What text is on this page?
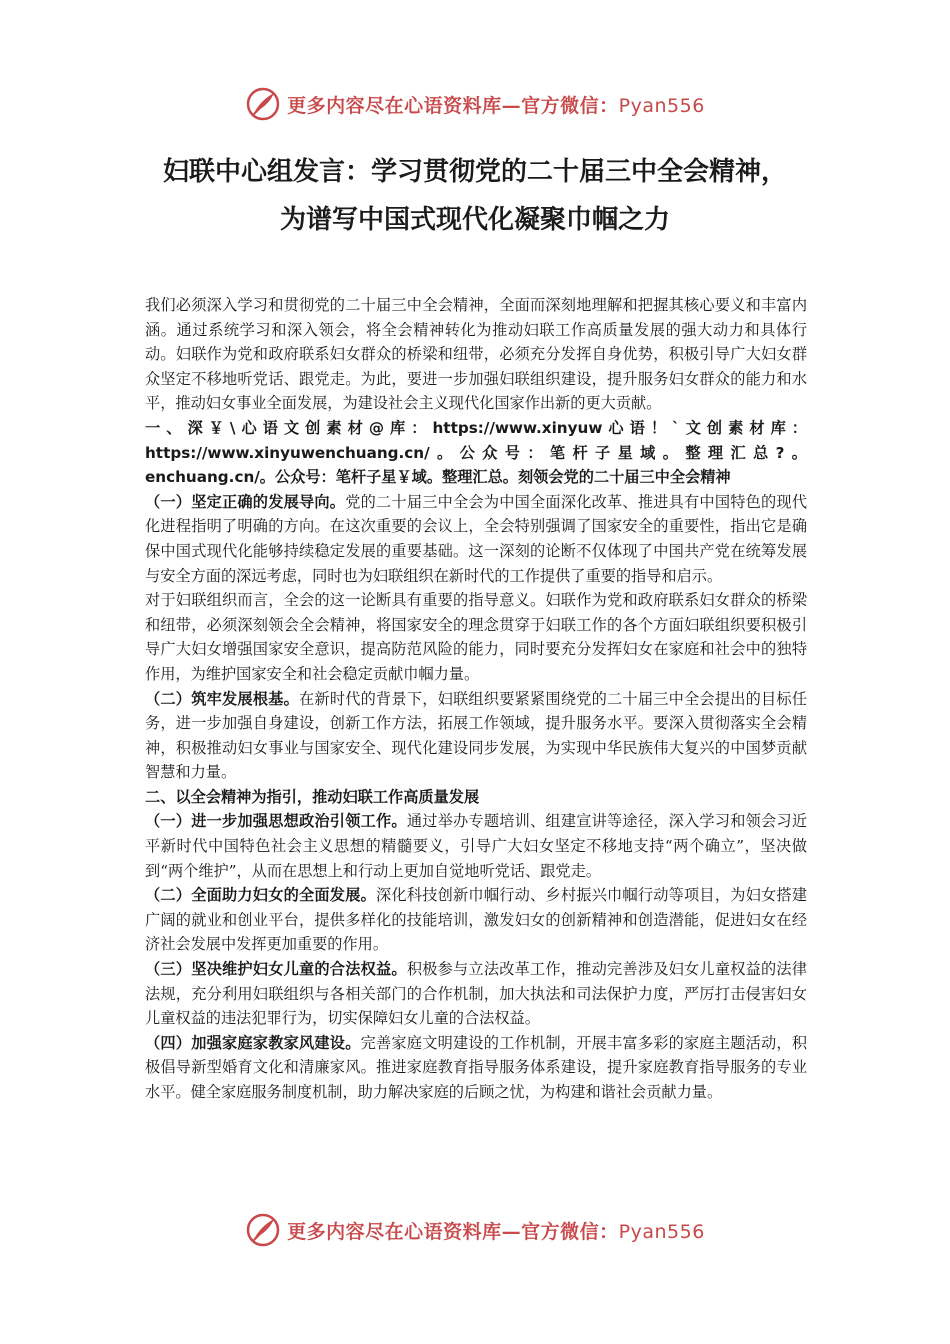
更多内容尽在心语资料库—官方微信：Pyan556
妇联中心组发言：学习贯彻党的二十届三中全会精神，
为谱写中国式现代化凝聚巾帼之力

我们必须深入学习和贯彻党的二十届三中全会精神，全面而深刻地理解和把握其核心要义和丰富内涵。通过系统学习和深入领会，将全会精神转化为推动妇联工作高质量发展的强大动力和具体行动。妇联作为党和政府联系妇女群众的桥梁和纽带，必须充分发挥自身优势，积极引导广大妇女群众坚定不移地听党话、跟党走。为此，要进一步加强妇联组织建设，提升服务妇女群众的能力和水平，推动妇女事业全面发展，为建设社会主义现代化国家作出新的更大贡献。

一、深￥\心语文创素材@库：https://www.xinyuw心语！`文创素材库：https://www.xinyuwenchuang.cn/。公众号：笔杆子星域。整理汇总?。enchuang.cn/。公众号：笔杆子星￥域。整理汇总。刻领会党的二十届三中全会精神

（一）坚定正确的发展导向。党的二十届三中全会为中国全面深化改革、推进具有中国特色的现代化进程指明了明确的方向。在这次重要的会议上，全会特别强调了国家安全的重要性，指出它是确保中国式现代化能够持续稳定发展的重要基础。这一深刻的论断不仅体现了中国共产党在统筹发展与安全方面的深远考虑，同时也为妇联组织在新时代的工作提供了重要的指导和启示。

对于妇联组织而言，全会的这一论断具有重要的指导意义。妇联作为党和政府联系妇女群众的桥梁和纽带，必须深刻领会全会精神，将国家安全的理念贯穿于妇联工作的各个方面妇联组织要积极引导广大妇女增强国家安全意识，提高防范风险的能力，同时要充分发挥妇女在家庭和社会中的独特作用，为维护国家安全和社会稳定贡献巾帼力量。

（二）筑牢发展根基。在新时代的背景下，妇联组织要紧紧围绕党的二十届三中全会提出的目标任务，进一步加强自身建设，创新工作方法，拓展工作领域，提升服务水平。要深入贯彻落实全会精神，积极推动妇女事业与国家安全、现代化建设同步发展，为实现中华民族伟大复兴的中国梦贡献智慧和力量。

二、以全会精神为指引，推动妇联工作高质量发展

（一）进一步加强思想政治引领工作。通过举办专题培训、组建宣讲等途径，深入学习和领会习近平新时代中国特色社会主义思想的精髓要义，引导广大妇女坚定不移地支持“两个确立”，坚决做到“两个维护”，从而在思想上和行动上更加自觉地听党话、跟党走。

（二）全面助力妇女的全面发展。深化科技创新巾帼行动、乡村振兴巾帼行动等项目，为妇女搭建广阔的就业和创业平台，提供多样化的技能培训，激发妇女的创新精神和创造潜能，促进妇女在经济社会发展中发挥更加重要的作用。

（三）坚决维护妇女儿童的合法权益。积极参与立法改革工作，推动完善涉及妇女儿童权益的法律法规，充分利用妇联组织与各相关部门的合作机制，加大执法和司法保护力度，严厉打击侵害妇女儿童权益的违法犯罪行为，切实保障妇女儿童的合法权益。

（四）加强家庭家教家风建设。完善家庭文明建设的工作机制，开展丰富多彩的家庭主题活动，积极倡导新型婚育文化和清廉家风。推进家庭教育指导服务体系建设，提升家庭教育指导服务的专业水平。健全家庭服务制度机制，助力解决家庭的后顾之忧，为构建和谐社会贡献力量。

更多内容尽在心语资料库—官方微信：Pyan556
